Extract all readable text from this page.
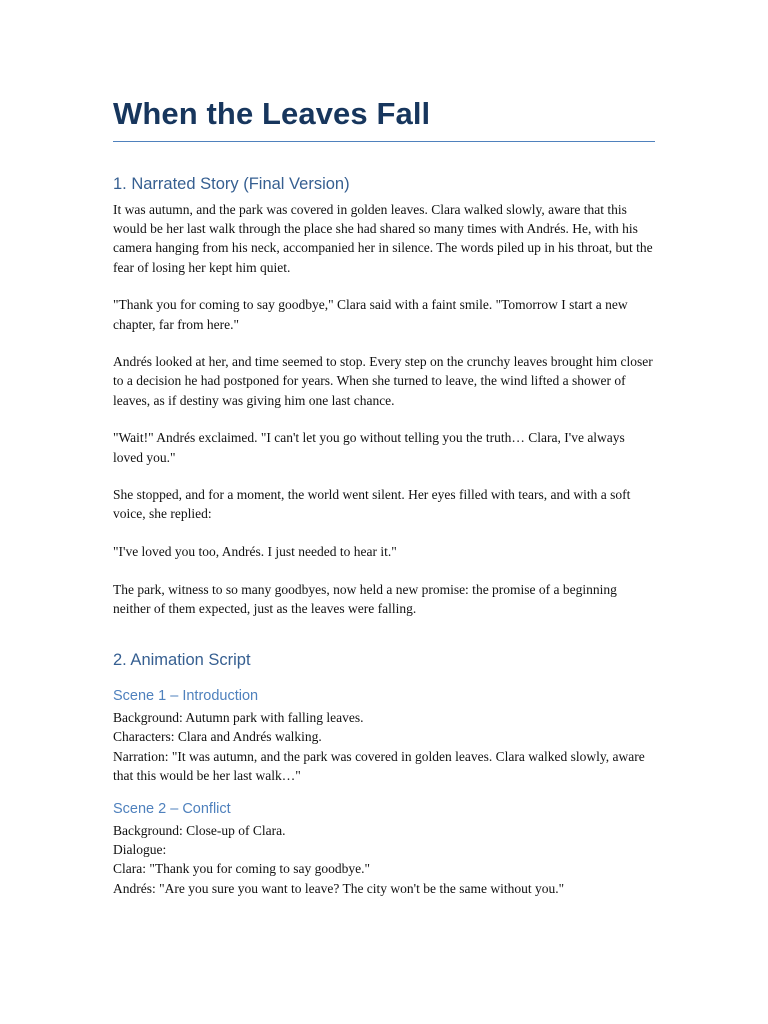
When the Leaves Fall
1. Narrated Story (Final Version)

It was autumn, and the park was covered in golden leaves. Clara walked slowly, aware that this would be her last walk through the place she had shared so many times with Andrés. He, with his camera hanging from his neck, accompanied her in silence. The words piled up in his throat, but the fear of losing her kept him quiet.

"Thank you for coming to say goodbye," Clara said with a faint smile. "Tomorrow I start a new chapter, far from here."

Andrés looked at her, and time seemed to stop. Every step on the crunchy leaves brought him closer to a decision he had postponed for years. When she turned to leave, the wind lifted a shower of leaves, as if destiny was giving him one last chance.

"Wait!" Andrés exclaimed. "I can't let you go without telling you the truth… Clara, I've always loved you."

She stopped, and for a moment, the world went silent. Her eyes filled with tears, and with a soft voice, she replied:

"I've loved you too, Andrés. I just needed to hear it."

The park, witness to so many goodbyes, now held a new promise: the promise of a beginning neither of them expected, just as the leaves were falling.

2. Animation Script
Scene 1 – Introduction

Background: Autumn park with falling leaves.

Characters: Clara and Andrés walking.

Narration: "It was autumn, and the park was covered in golden leaves. Clara walked slowly, aware that this would be her last walk…"

Scene 2 – Conflict

Background: Close-up of Clara.

Dialogue:

Clara: "Thank you for coming to say goodbye."

Andrés: "Are you sure you want to leave? The city won't be the same without you."
